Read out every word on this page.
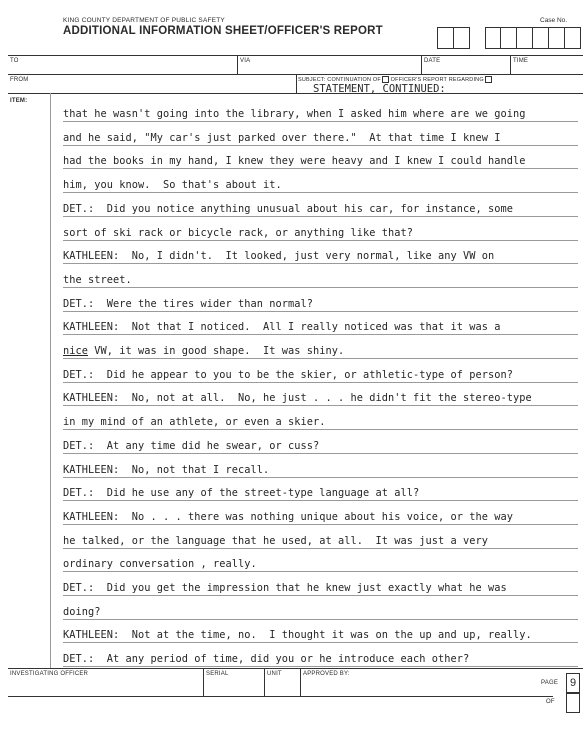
KING COUNTY DEPARTMENT OF PUBLIC SAFETY
ADDITIONAL INFORMATION SHEET/OFFICER'S REPORT
Case No.
TO	VIA	DATE	TIME
FROM	SUBJECT: CONTINUATION OF OFFICER'S REPORT REGARDING
STATEMENT, CONTINUED:
ITEM:
that he wasn't going into the library, when I asked him where are we going
and he said, "My car's just parked over there."  At that time I knew I
had the books in my hand, I knew they were heavy and I knew I could handle
him, you know.  So that's about it.
DET.:  Did you notice anything unusual about his car, for instance, some
sort of ski rack or bicycle rack, or anything like that?
KATHLEEN:  No, I didn't.  It looked, just very normal, like any VW on
the street.
DET.:  Were the tires wider than normal?
KATHLEEN:  Not that I noticed.  All I really noticed was that it was a
nice VW, it was in good shape.  It was shiny.
DET.:  Did he appear to you to be the skier, or athletic-type of person?
KATHLEEN:  No, not at all.  No, he just . . . he didn't fit the stereo-type
in my mind of an athlete, or even a skier.
DET.:  At any time did he swear, or cuss?
KATHLEEN:  No, not that I recall.
DET.:  Did he use any of the street-type language at all?
KATHLEEN:  No . . . there was nothing unique about his voice, or the way
he talked, or the language that he used, at all.  It was just a very
ordinary conversation , really.
DET.:  Did you get the impression that he knew just exactly what he was
doing?
KATHLEEN:  Not at the time, no.  I thought it was on the up and up, really.
DET.:  At any period of time, did you or he introduce each other?
INVESTIGATING OFFICER	SERIAL	UNIT	APPROVED BY:
PAGE	9
OF
